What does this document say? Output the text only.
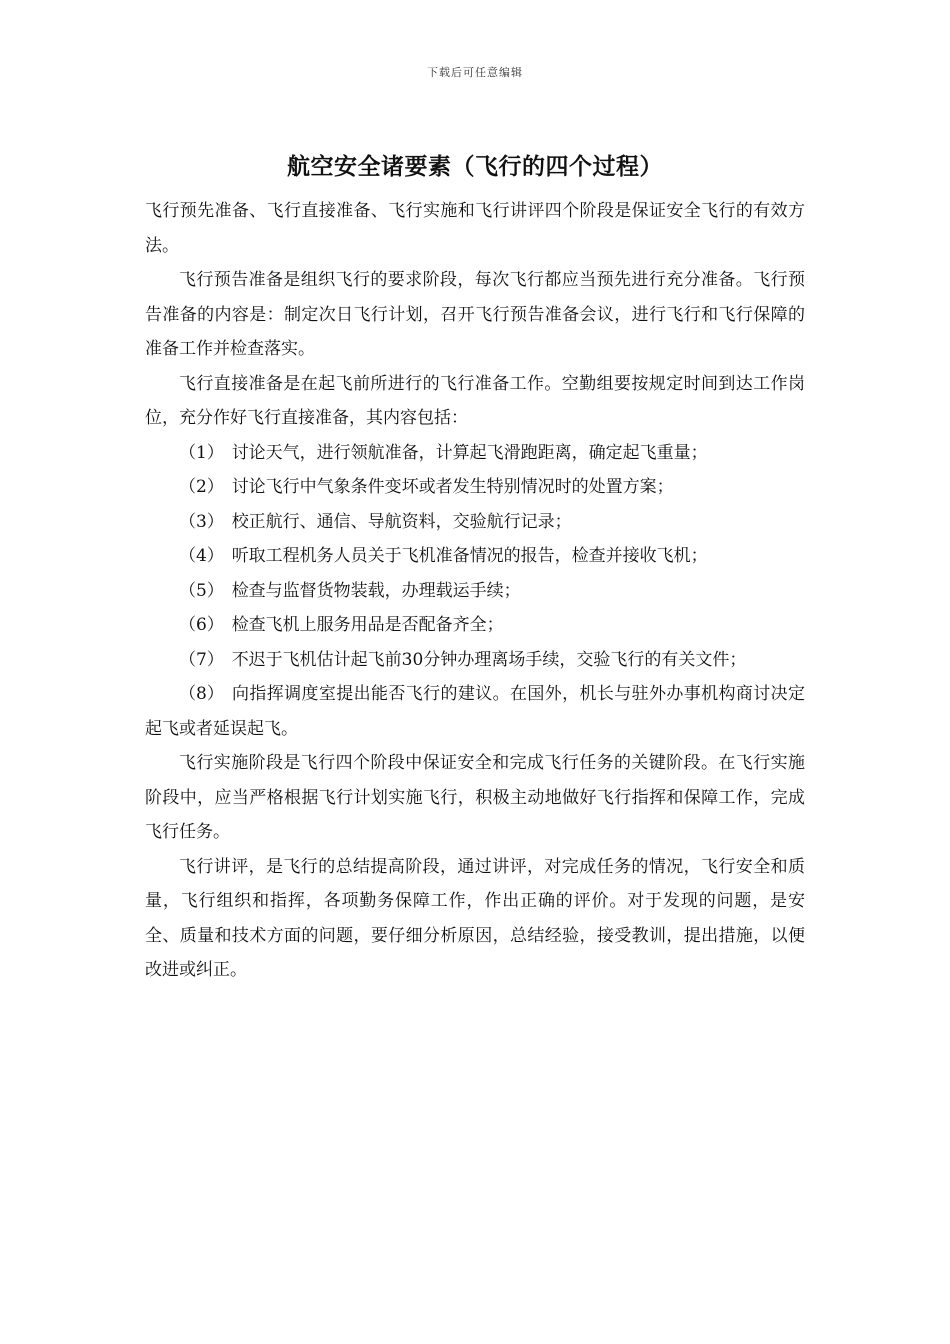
下载后可任意编辑
航空安全诸要素（飞行的四个过程）

飞行预先准备、飞行直接准备、飞行实施和飞行讲评四个阶段是保证安全飞行的有效方法。

飞行预告准备是组织飞行的要求阶段，每次飞行都应当预先进行充分准备。飞行预告准备的内容是：制定次日飞行计划，召开飞行预告准备会议，进行飞行和飞行保障的准备工作并检查落实。

飞行直接准备是在起飞前所进行的飞行准备工作。空勤组要按规定时间到达工作岗位，充分作好飞行直接准备，其内容包括：

（1） 讨论天气，进行领航准备，计算起飞滑跑距离，确定起飞重量；

（2） 讨论飞行中气象条件变坏或者发生特别情况时的处置方案；

（3） 校正航行、通信、导航资料，交验航行记录；

（4） 听取工程机务人员关于飞机准备情况的报告，检查并接收飞机；

（5） 检查与监督货物装载，办理载运手续；

（6） 检查飞机上服务用品是否配备齐全；

（7） 不迟于飞机估计起飞前30分钟办理离场手续，交验飞行的有关文件；

（8） 向指挥调度室提出能否飞行的建议。在国外，机长与驻外办事机构商讨决定起飞或者延误起飞。

飞行实施阶段是飞行四个阶段中保证安全和完成飞行任务的关键阶段。在飞行实施阶段中，应当严格根据飞行计划实施飞行，积极主动地做好飞行指挥和保障工作，完成飞行任务。

飞行讲评，是飞行的总结提高阶段，通过讲评，对完成任务的情况，飞行安全和质量，飞行组织和指挥，各项勤务保障工作，作出正确的评价。对于发现的问题，是安全、质量和技术方面的问题，要仔细分析原因，总结经验，接受教训，提出措施，以便改进或纠正。
